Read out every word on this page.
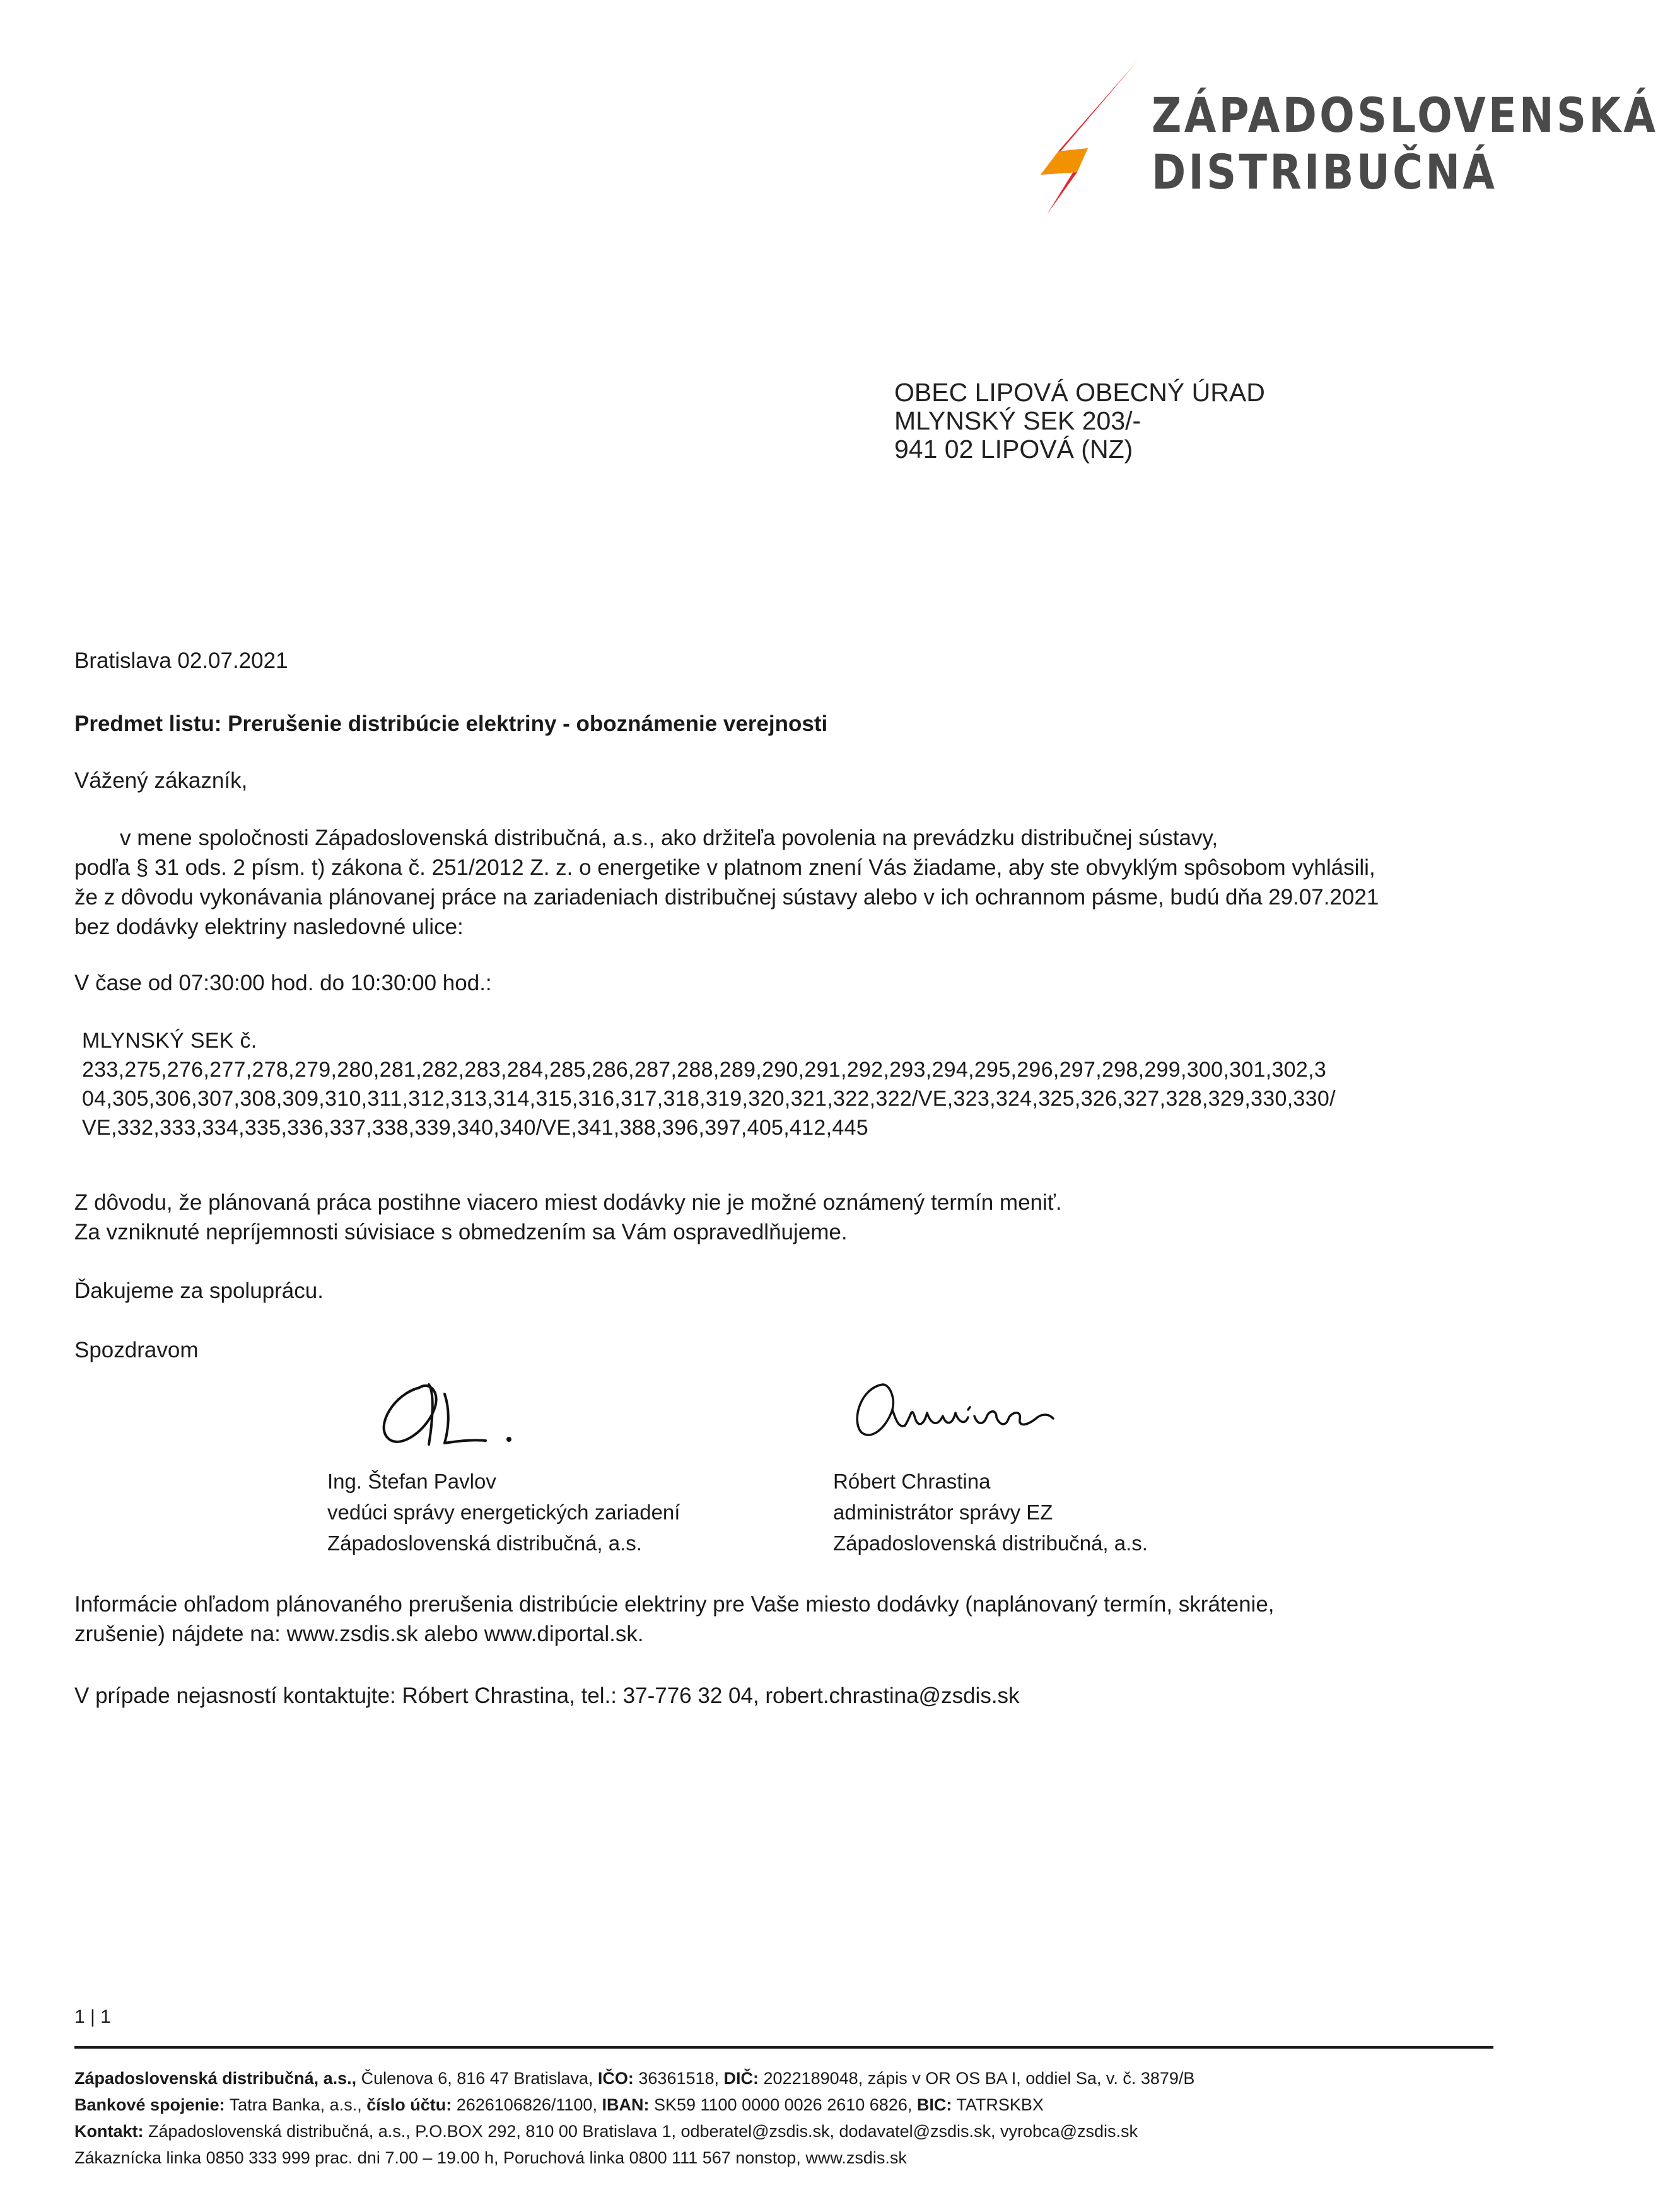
ZÁPADOSLOVENSKÁ
DISTRIBUČNÁ
OBEC LIPOVÁ OBECNÝ ÚRAD
MLYNSKÝ SEK 203/-
941 02 LIPOVÁ (NZ)
Bratislava 02.07.2021
Predmet listu: Prerušenie distribúcie elektriny - oboznámenie verejnosti
Vážený zákazník,
v mene spoločnosti Západoslovenská distribučná, a.s., ako držiteľa povolenia na prevádzku distribučnej sústavy,
podľa § 31 ods. 2 písm. t) zákona č. 251/2012 Z. z. o energetike v platnom znení Vás žiadame, aby ste obvyklým spôsobom vyhlásili,
že z dôvodu vykonávania plánovanej práce na zariadeniach distribučnej sústavy alebo v ich ochrannom pásme, budú dňa 29.07.2021
bez dodávky elektriny nasledovné ulice:
V čase od 07:30:00 hod. do 10:30:00 hod.:
MLYNSKÝ SEK č.
233,275,276,277,278,279,280,281,282,283,284,285,286,287,288,289,290,291,292,293,294,295,296,297,298,299,300,301,302,3
04,305,306,307,308,309,310,311,312,313,314,315,316,317,318,319,320,321,322,322/VE,323,324,325,326,327,328,329,330,330/
VE,332,333,334,335,336,337,338,339,340,340/VE,341,388,396,397,405,412,445
Z dôvodu, že plánovaná práca postihne viacero miest dodávky nie je možné oznámený termín meniť.
Za vzniknuté nepríjemnosti súvisiace s obmedzením sa Vám ospravedlňujeme.
Ďakujeme za spoluprácu.
Spozdravom
Ing. Štefan Pavlov
vedúci správy energetických zariadení
Západoslovenská distribučná, a.s.
Róbert Chrastina
administrátor správy EZ
Západoslovenská distribučná, a.s.
Informácie ohľadom plánovaného prerušenia distribúcie elektriny pre Vaše miesto dodávky (naplánovaný termín, skrátenie,
zrušenie) nájdete na: www.zsdis.sk alebo www.diportal.sk.
V prípade nejasností kontaktujte: Róbert Chrastina, tel.: 37-776 32 04, robert.chrastina@zsdis.sk
1 | 1
Západoslovenská distribučná, a.s., Čulenova 6, 816 47 Bratislava, IČO: 36361518, DIČ: 2022189048, zápis v OR OS BA I, oddiel Sa, v. č. 3879/B
Bankové spojenie: Tatra Banka, a.s., číslo účtu: 2626106826/1100, IBAN: SK59 1100 0000 0026 2610 6826, BIC: TATRSKBX
Kontakt: Západoslovenská distribučná, a.s., P.O.BOX 292, 810 00 Bratislava 1, odberatel@zsdis.sk, dodavatel@zsdis.sk, vyrobca@zsdis.sk
Zákaznícka linka 0850 333 999 prac. dni 7.00 – 19.00 h, Poruchová linka 0800 111 567 nonstop, www.zsdis.sk
